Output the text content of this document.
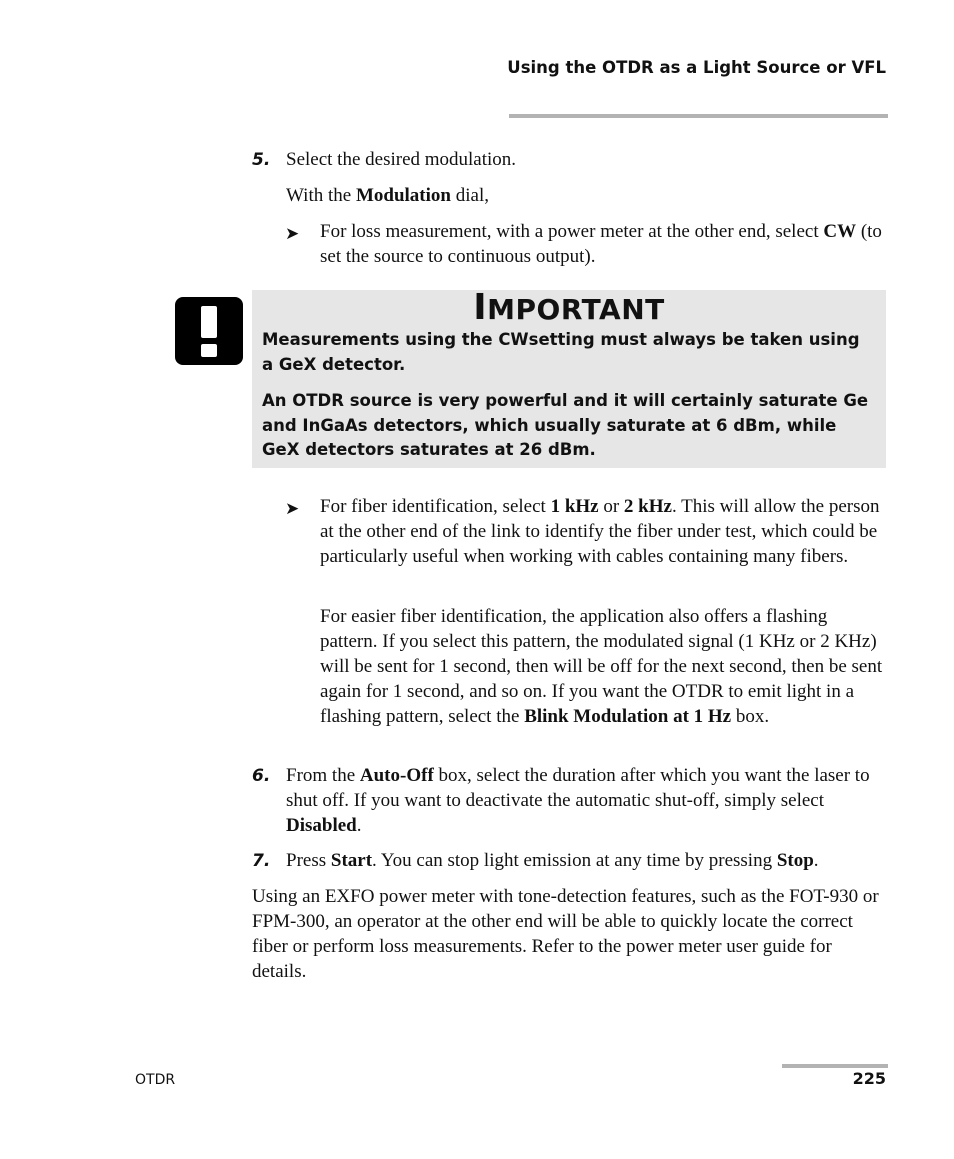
Using the OTDR as a Light Source or VFL
5. Select the desired modulation.

With the Modulation dial,

➤ For loss measurement, with a power meter at the other end, select CW (to set the source to continuous output).

IMPORTANT

Measurements using the CWsetting must always be taken using a GeX detector.

An OTDR source is very powerful and it will certainly saturate Ge and InGaAs detectors, which usually saturate at 6 dBm, while GeX detectors saturates at 26 dBm.

➤ For fiber identification, select 1 kHz or 2 kHz. This will allow the person at the other end of the link to identify the fiber under test, which could be particularly useful when working with cables containing many fibers.

For easier fiber identification, the application also offers a flashing pattern. If you select this pattern, the modulated signal (1 KHz or 2 KHz) will be sent for 1 second, then will be off for the next second, then be sent again for 1 second, and so on. If you want the OTDR to emit light in a flashing pattern, select the Blink Modulation at 1 Hz box.

6. From the Auto-Off box, select the duration after which you want the laser to shut off. If you want to deactivate the automatic shut-off, simply select Disabled.

7. Press Start. You can stop light emission at any time by pressing Stop.

Using an EXFO power meter with tone-detection features, such as the FOT-930 or FPM-300, an operator at the other end will be able to quickly locate the correct fiber or perform loss measurements. Refer to the power meter user guide for details.

OTDR	225
